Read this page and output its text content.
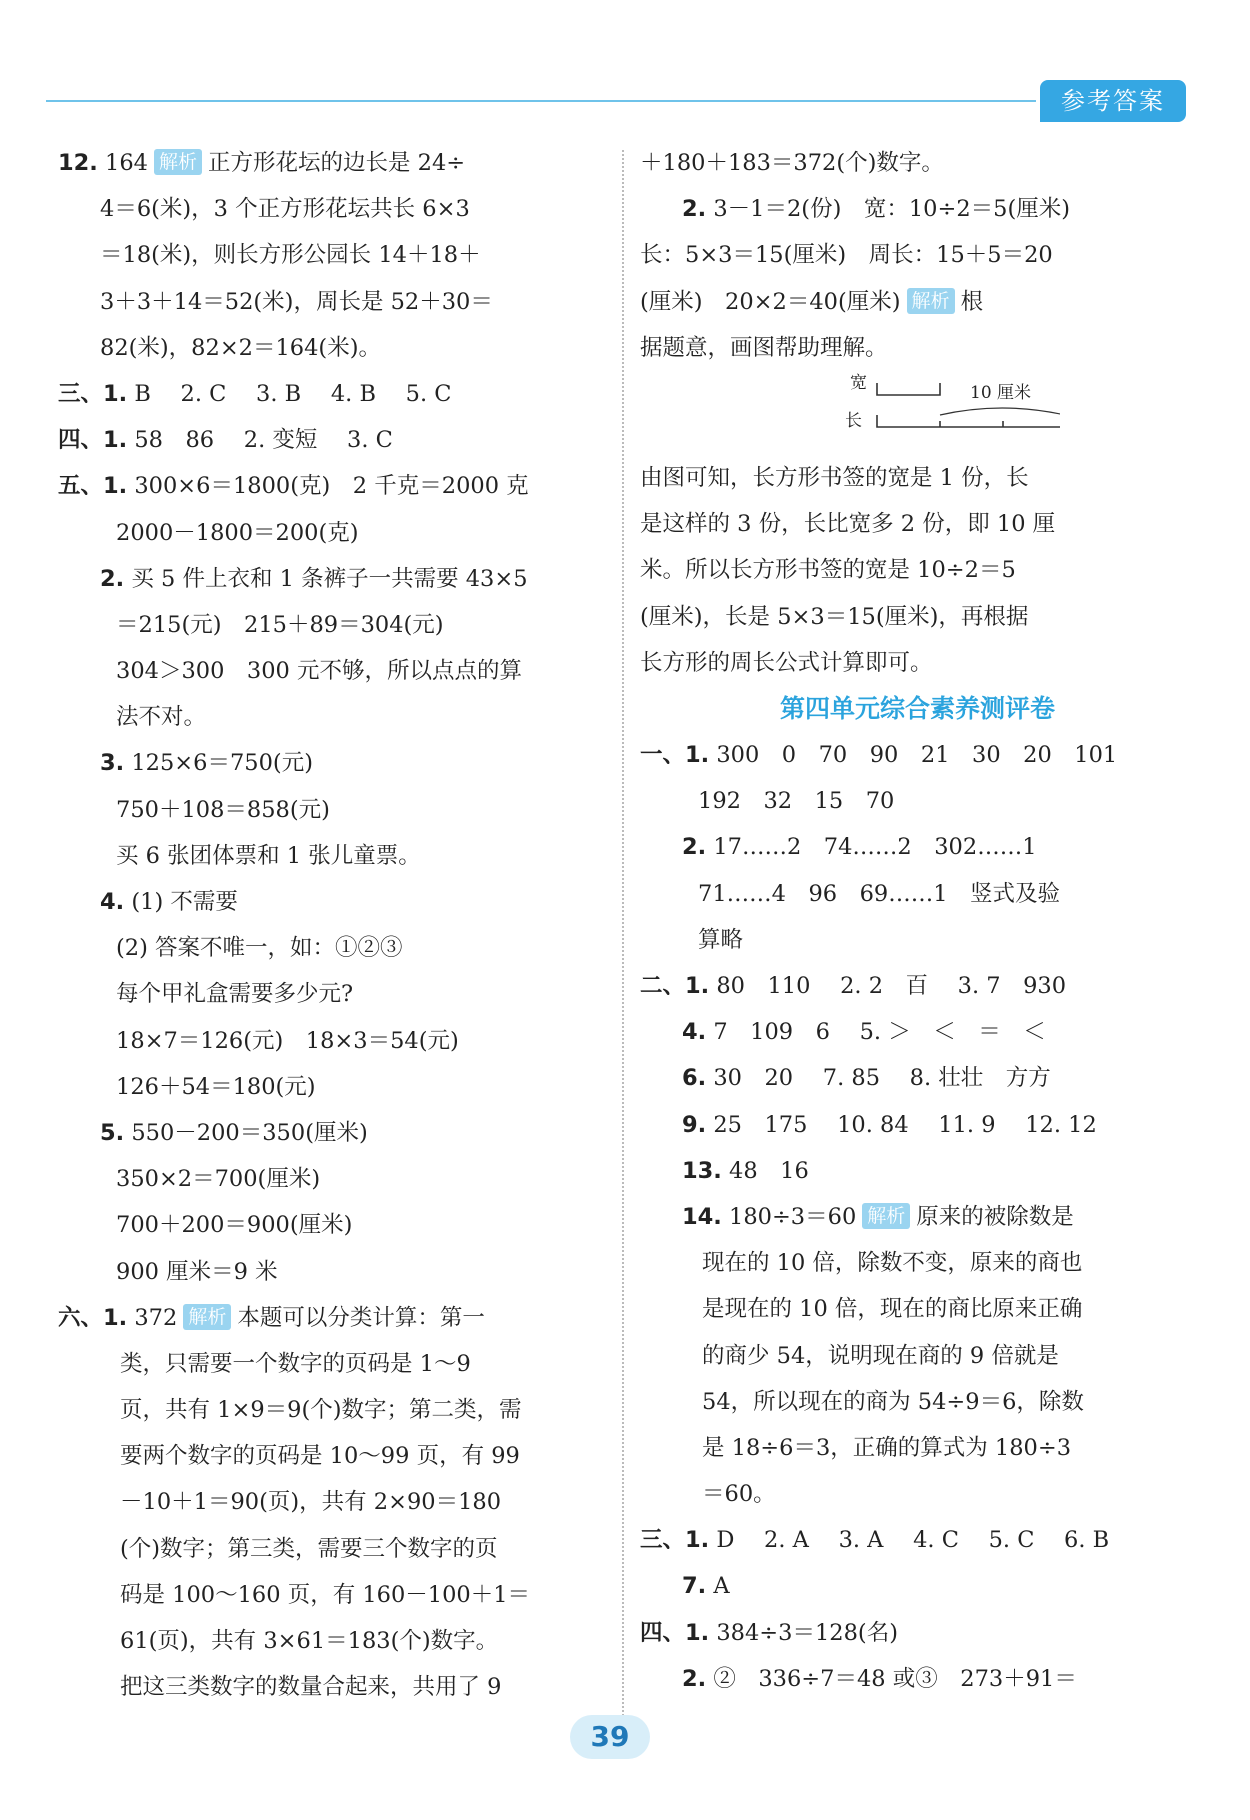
参考答案
12. 164 解析 正方形花坛的边长是 24÷
4＝6(米)，3 个正方形花坛共长 6×3
＝18(米)，则长方形公园长 14＋18＋
3＋3＋14＝52(米)，周长是 52＋30＝
82(米)，82×2＝164(米)。
三、1. B　 2. C　 3. B　 4. B　 5. C
四、1. 58　86　 2. 变短　 3. C
五、1. 300×6＝1800(克)　2 千克＝2000 克
2000－1800＝200(克)
2. 买 5 件上衣和 1 条裤子一共需要 43×5
＝215(元)　215＋89＝304(元)
304＞300　300 元不够，所以点点的算
法不对。
3. 125×6＝750(元)
750＋108＝858(元)
买 6 张团体票和 1 张儿童票。
4. (1) 不需要
(2) 答案不唯一，如：①②③
每个甲礼盒需要多少元?
18×7＝126(元)　18×3＝54(元)
126＋54＝180(元)
5. 550－200＝350(厘米)
350×2＝700(厘米)
700＋200＝900(厘米)
900 厘米＝9 米
六、1. 372 解析 本题可以分类计算：第一
类，只需要一个数字的页码是 1～9
页，共有 1×9＝9(个)数字；第二类，需
要两个数字的页码是 10～99 页，有 99
－10＋1＝90(页)，共有 2×90＝180
(个)数字；第三类，需要三个数字的页
码是 100～160 页，有 160－100＋1＝
61(页)，共有 3×61＝183(个)数字。
把这三类数字的数量合起来，共用了 9
＋180＋183＝372(个)数字。
2. 3－1＝2(份)　宽：10÷2＝5(厘米)
长：5×3＝15(厘米)　周长：15＋5＝20
(厘米)　20×2＝40(厘米) 解析 根
据题意，画图帮助理解。
宽
长
10 厘米
由图可知，长方形书签的宽是 1 份，长
是这样的 3 份，长比宽多 2 份，即 10 厘
米。所以长方形书签的宽是 10÷2＝5
(厘米)，长是 5×3＝15(厘米)，再根据
长方形的周长公式计算即可。
第四单元综合素养测评卷
一、1. 300　0　70　90　21　30　20　101
192　32　15　70
2. 17……2　74……2　302……1
71……4　96　69……1　竖式及验
算略
二、1. 80　110　 2. 2　百　 3. 7　930
4. 7　109　6　 5. ＞　＜　＝　＜
6. 30　20　 7. 85　 8. 壮壮　方方
9. 25　175　 10. 84　 11. 9　 12. 12
13. 48　16
14. 180÷3＝60 解析 原来的被除数是
现在的 10 倍，除数不变，原来的商也
是现在的 10 倍，现在的商比原来正确
的商少 54，说明现在商的 9 倍就是
54，所以现在的商为 54÷9＝6，除数
是 18÷6＝3，正确的算式为 180÷3
＝60。
三、1. D　 2. A　 3. A　 4. C　 5. C　 6. B
7. A
四、1. 384÷3＝128(名)
2. ②　336÷7＝48 或③　273＋91＝
39
